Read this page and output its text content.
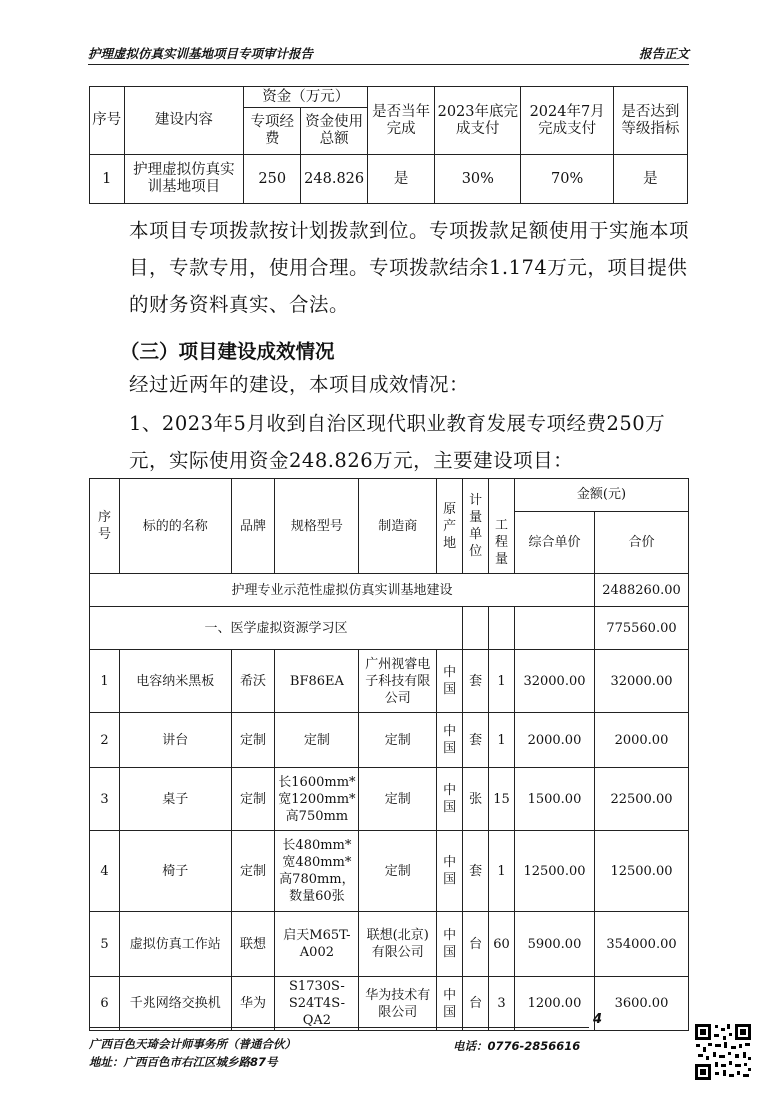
护理虚拟仿真实训基地项目专项审计报告	报告正文
序号	建设内容	资金（万元）		是否当年完成	2023年底完成支付	2024年7月完成支付	是否达到等级指标
		专项经费	资金使用总额				
1	护理虚拟仿真实训基地项目	250	248.826	是	30%	70%	是
本项目专项拨款按计划拨款到位。专项拨款足额使用于实施本项目，专款专用，使用合理。专项拨款结余1.174万元，项目提供的财务资料真实、合法。
（三）项目建设成效情况
经过近两年的建设，本项目成效情况：
1、2023年5月收到自治区现代职业教育发展专项经费250万元，实际使用资金248.826万元，主要建设项目：
序号	标的的名称	品牌	规格型号	制造商	原产地	计量单位		金额(元)	
							工程量	综合单价	合价
护理专业示范性虚拟仿真实训基地建设									2488260.00
一、医学虚拟资源学习区									775560.00
1	电容纳米黑板	希沃	BF86EA	广州视睿电子科技有限公司	中国	套	1	32000.00	32000.00
2	讲台	定制	定制	定制	中国	套	1	2000.00	2000.00
3	桌子	定制	长1600mm*宽1200mm*高750mm	定制	中国	张	15	1500.00	22500.00
4	椅子	定制	长480mm*宽480mm*高780mm，数量60张	定制	中国	套	1	12500.00	12500.00
5	虚拟仿真工作站	联想	启天M65T-A002	联想(北京)有限公司	中国	台	60	5900.00	354000.00
6	千兆网络交换机	华为	S1730S-S24T4S-QA2	华为技术有限公司	中国	台	3	1200.00	3600.00
4
广西百色天琦会计师事务所（普通合伙）	电话：0776-2856616
地址：广西百色市右江区城乡路87号
